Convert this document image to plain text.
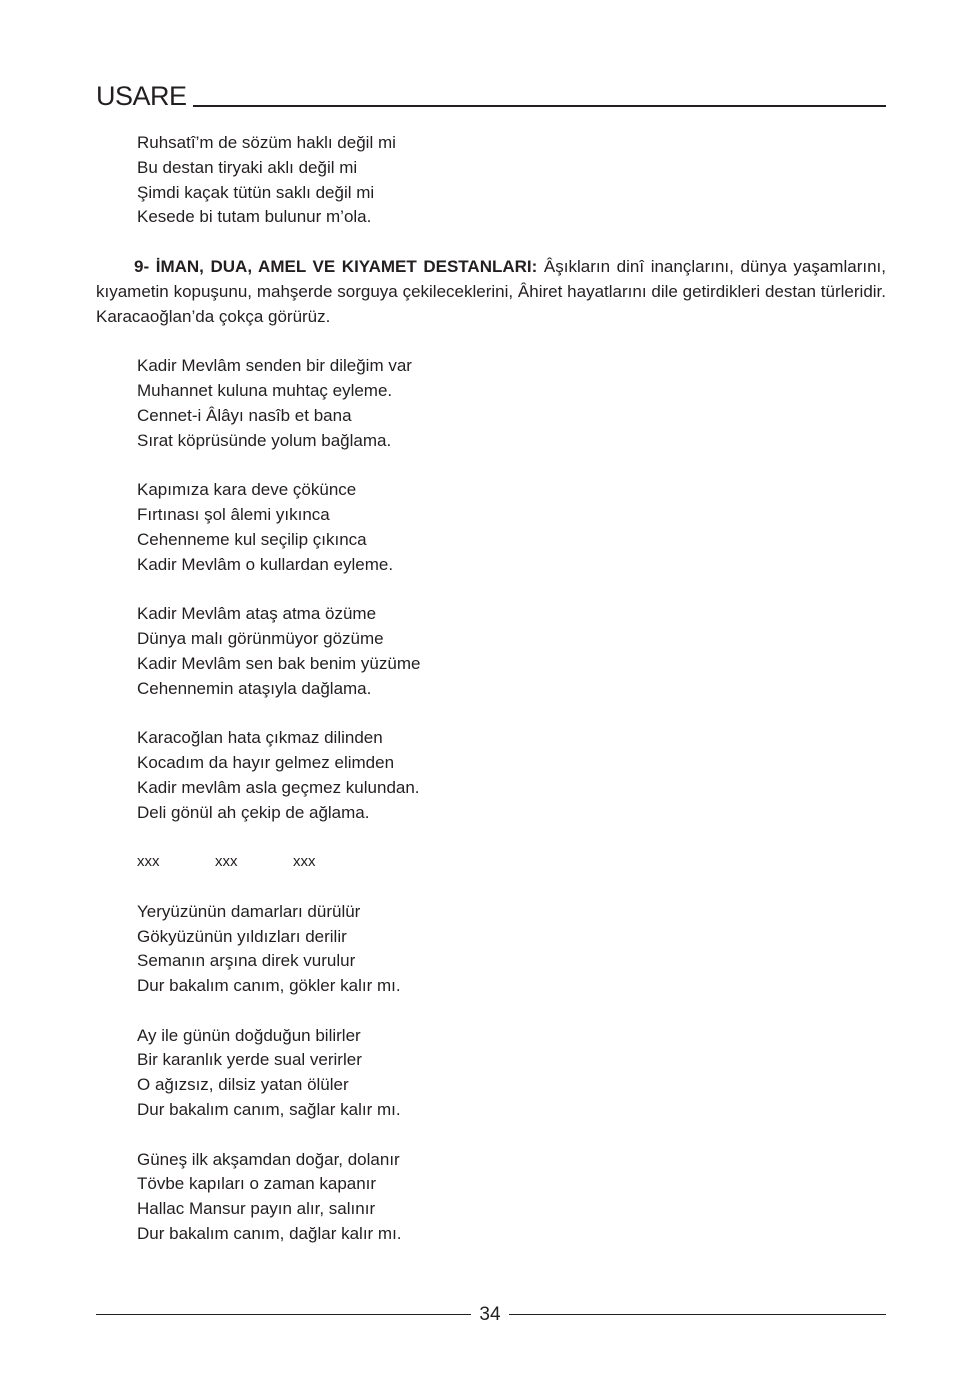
USARE

Ruhsatî’m de sözüm haklı değil mi

Bu destan tiryaki aklı değil mi

Şimdi kaçak tütün saklı değil mi

Kesede bi tutam bulunur m’ola.

9- İMAN, DUA, AMEL VE KIYAMET DESTANLARI: Âşıkların dinî inançlarını, dünya yaşamlarını, kıyametin kopuşunu, mahşerde sorguya çekileceklerini, Âhiret hayatlarını dile getirdikleri destan türleridir. Karacaoğlan’da çokça görürüz.

Kadir Mevlâm senden bir dileğim var

Muhannet kuluna muhtaç eyleme.

Cennet-i Âlâyı nasîb et bana

Sırat köprüsünde yolum bağlama.

Kapımıza kara deve çökünce

Fırtınası şol âlemi yıkınca

Cehenneme kul seçilip çıkınca

Kadir Mevlâm o kullardan eyleme.

Kadir Mevlâm ataş atma özüme

Dünya malı görünmüyor gözüme

Kadir Mevlâm sen bak benim yüzüme

Cehennemin ataşıyla dağlama.

Karacoğlan hata çıkmaz dilinden

Kocadım da hayır gelmez elimden

Kadir mevlâm asla geçmez kulundan.

Deli gönül ah çekip de ağlama.

xxx	xxx	xxx

Yeryüzünün damarları dürülür

Gökyüzünün yıldızları derilir

Semanın arşına direk vurulur

Dur bakalım canım, gökler kalır mı.

Ay ile günün doğduğun bilirler

Bir karanlık yerde sual verirler

O ağızsız, dilsiz yatan ölüler

Dur bakalım canım, sağlar kalır mı.

Güneş ilk akşamdan doğar, dolanır

Tövbe kapıları o zaman kapanır

Hallac Mansur payın alır, salınır

Dur bakalım canım, dağlar kalır mı.

34
